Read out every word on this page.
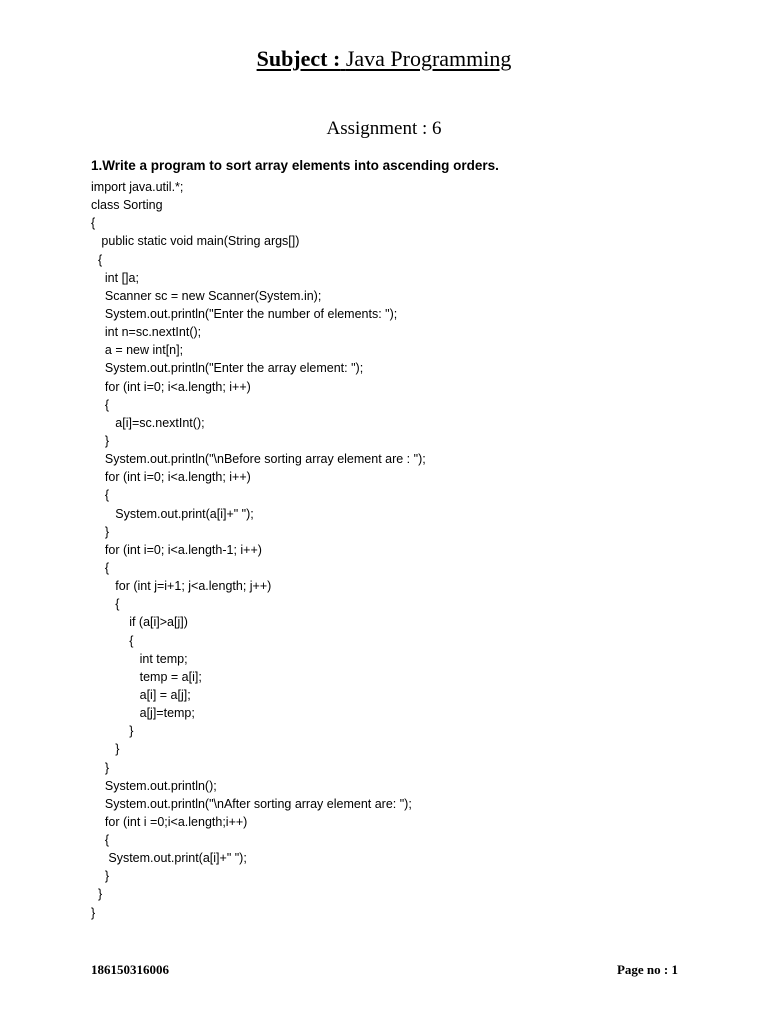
Subject : Java Programming
Assignment : 6
1.Write a program to sort array elements into ascending orders.
import java.util.*;
class Sorting
{
public static void main(String args[])
{
int []a;
Scanner sc = new Scanner(System.in);
System.out.println("Enter the number of elements: ");
int n=sc.nextInt();
a = new int[n];
System.out.println("Enter the array element: ");
for (int i=0; i<a.length; i++)
{
a[i]=sc.nextInt();
}
System.out.println("\nBefore sorting array element are : ");
for (int i=0; i<a.length; i++)
{
System.out.print(a[i]+" ");
}
for (int i=0; i<a.length-1; i++)
{
for (int j=i+1; j<a.length; j++)
{
if (a[i]>a[j])
{
int temp;
temp = a[i];
a[i] = a[j];
a[j]=temp;
}
}
}
System.out.println();
System.out.println("\nAfter sorting array element are: ");
for (int i =0;i<a.length;i++)
{
System.out.print(a[i]+" ");
}
}
}
186150316006	Page no : 1
